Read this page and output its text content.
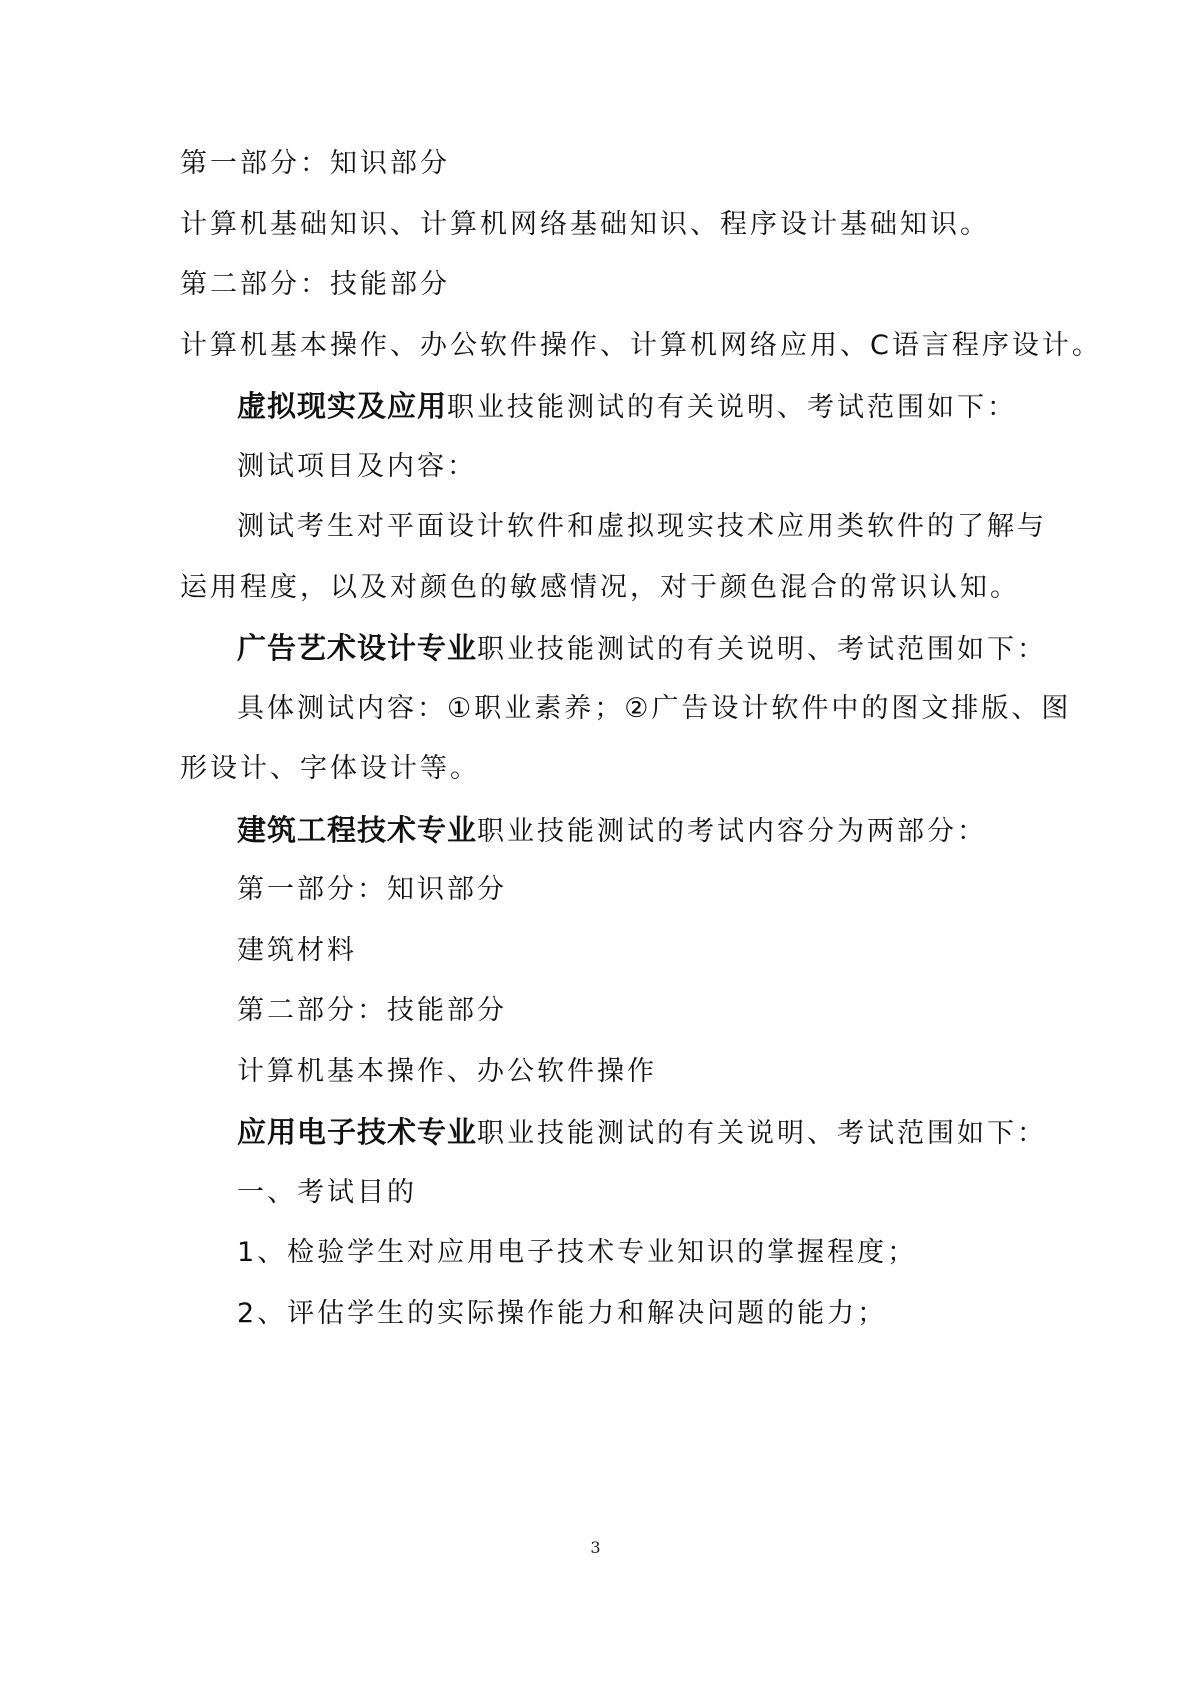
第一部分：知识部分
计算机基础知识、计算机网络基础知识、程序设计基础知识。
第二部分：技能部分
计算机基本操作、办公软件操作、计算机网络应用、C语言程序设计。
虚拟现实及应用职业技能测试的有关说明、考试范围如下：
测试项目及内容：
测试考生对平面设计软件和虚拟现实技术应用类软件的了解与
运用程度，以及对颜色的敏感情况，对于颜色混合的常识认知。
广告艺术设计专业职业技能测试的有关说明、考试范围如下：
具体测试内容：①职业素养；②广告设计软件中的图文排版、图
形设计、字体设计等。
建筑工程技术专业职业技能测试的考试内容分为两部分：
第一部分：知识部分
建筑材料
第二部分：技能部分
计算机基本操作、办公软件操作
应用电子技术专业职业技能测试的有关说明、考试范围如下：
一、考试目的
1、检验学生对应用电子技术专业知识的掌握程度；
2、评估学生的实际操作能力和解决问题的能力；
3
